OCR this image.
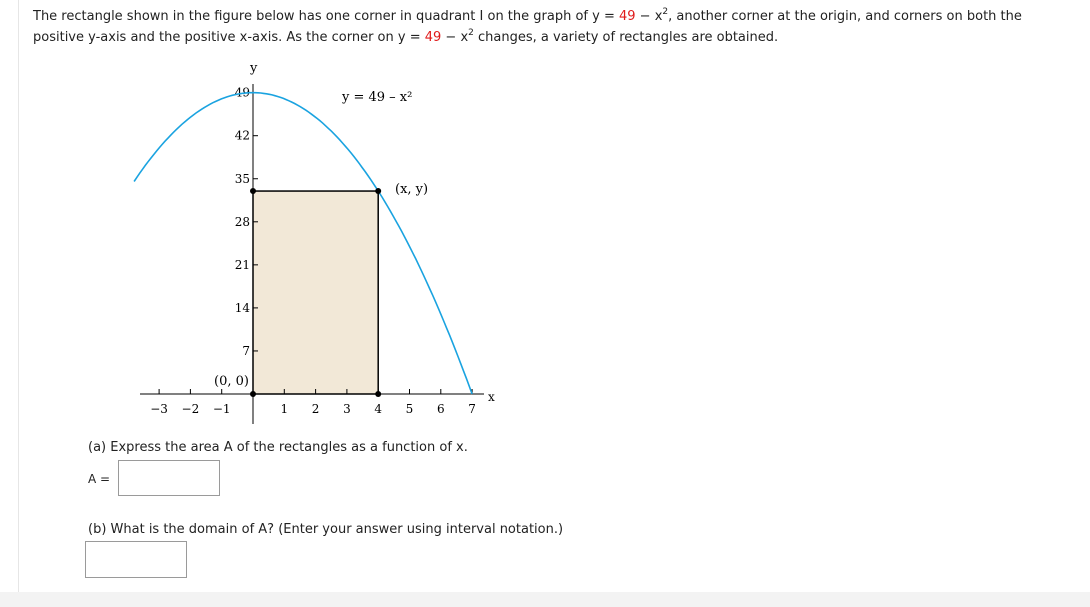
The rectangle shown in the figure below has one corner in quadrant I on the graph of $y = 49 - x^2$, another corner at the origin, and corners on both the positive y-axis and the positive x-axis. As the corner on $y = 49 - x^2$ changes, a variety of rectangles are obtained.
49
42
35
28
21
14
7
−3 −2 −1	1 2 3 4 5 6 7
y
x
y = 49 – x²
(x, y)
(0, 0)
(a) Express the area A of the rectangles as a function of x.
A =
(b) What is the domain of A? (Enter your answer using interval notation.)
